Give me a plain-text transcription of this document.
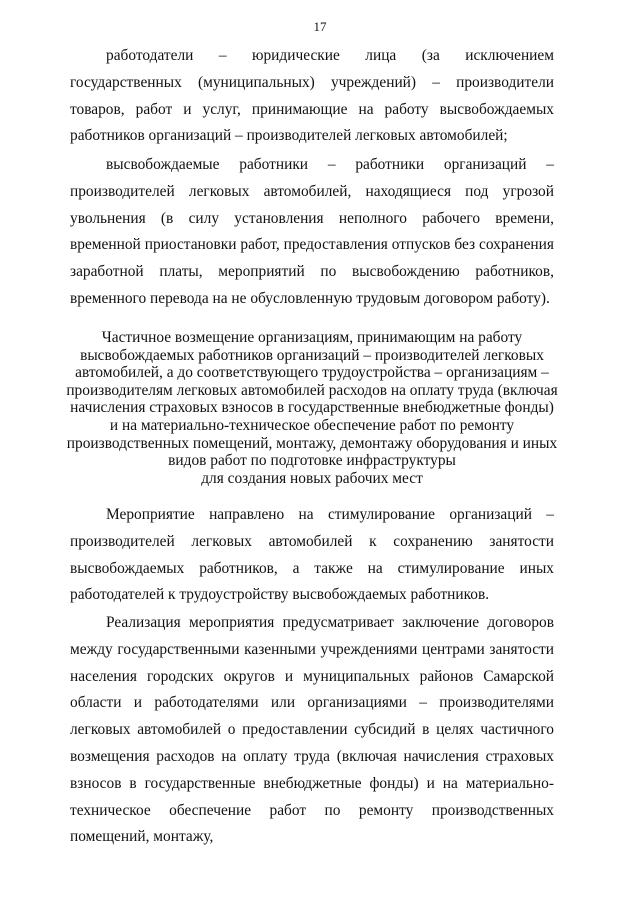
17

работодатели – юридические лица (за исключением государственных (муниципальных) учреждений) – производители товаров, работ и услуг, принимающие на работу высвобождаемых работников организаций – производителей легковых автомобилей;

высвобождаемые работники – работники организаций – производителей легковых автомобилей, находящиеся под угрозой увольнения (в силу установления неполного рабочего времени, временной приостановки работ, предоставления отпусков без сохранения заработной платы, мероприятий по высвобождению работников, временного перевода на не обусловленную трудовым договором работу).

Частичное возмещение организациям, принимающим на работу

высвобождаемых работников организаций – производителей легковых

автомобилей, а до соответствующего трудоустройства – организациям –

производителям легковых автомобилей расходов на оплату труда (включая

начисления страховых взносов в государственные внебюджетные фонды)

и на материально-техническое обеспечение работ по ремонту

производственных помещений, монтажу, демонтажу оборудования и иных

видов работ по подготовке инфраструктуры

для создания новых рабочих мест

Мероприятие направлено на стимулирование организаций – производителей легковых автомобилей к сохранению занятости высвобождаемых работников, а также на стимулирование иных работодателей к трудоустройству высвобождаемых работников.

Реализация мероприятия предусматривает заключение договоров между государственными казенными учреждениями центрами занятости населения городских округов и муниципальных районов Самарской области и работодателями или организациями – производителями легковых автомобилей о предоставлении субсидий в целях частичного возмещения расходов на оплату труда (включая начисления страховых взносов в государственные внебюджетные фонды) и на материально-техническое обеспечение работ по ремонту производственных помещений, монтажу,
